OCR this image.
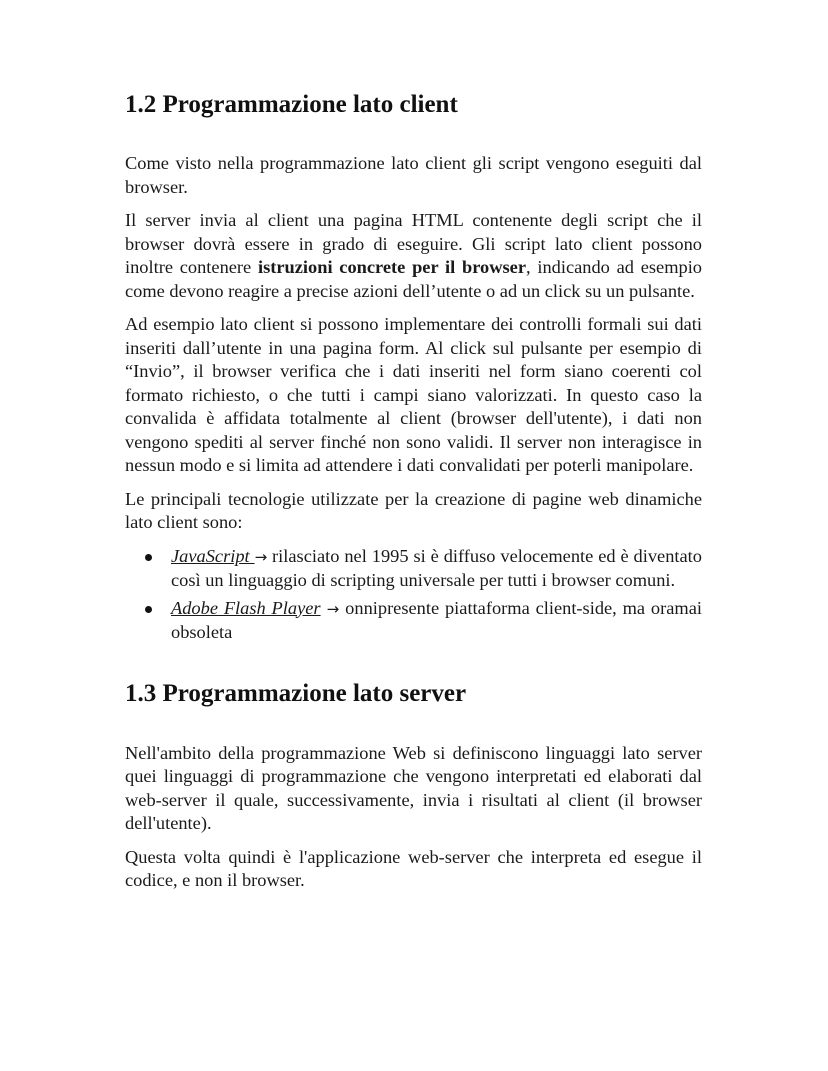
1.2 Programmazione lato client

Come visto nella programmazione lato client gli script vengono eseguiti dal browser.

Il server invia al client una pagina HTML contenente degli script che il browser dovrà essere in grado di eseguire. Gli script lato client possono inoltre contenere istruzioni concrete per il browser, indicando ad esempio come devono reagire a precise azioni dell’utente o ad un click su un pulsante.

Ad esempio lato client si possono implementare dei controlli formali sui dati inseriti dall’utente in una pagina form. Al click sul pulsante per esempio di “Invio”, il browser verifica che i dati inseriti nel form siano coerenti col formato richiesto, o che tutti i campi siano valorizzati. In questo caso la convalida è affidata totalmente al client (browser dell'utente), i dati non vengono spediti al server finché non sono validi. Il server non interagisce in nessun modo e si limita ad attendere i dati convalidati per poterli manipolare.

Le principali tecnologie utilizzate per la creazione di pagine web dinamiche lato client sono:

JavaScript → rilasciato nel 1995 si è diffuso velocemente ed è diventato così un linguaggio di scripting universale per tutti i browser comuni.
Adobe Flash Player → onnipresente piattaforma client-side, ma oramai obsoleta
1.3 Programmazione lato server

Nell'ambito della programmazione Web si definiscono linguaggi lato server quei linguaggi di programmazione che vengono interpretati ed elaborati dal web-server il quale, successivamente, invia i risultati al client (il browser dell'utente).

Questa volta quindi è l'applicazione web-server che interpreta ed esegue il codice, e non il browser.
